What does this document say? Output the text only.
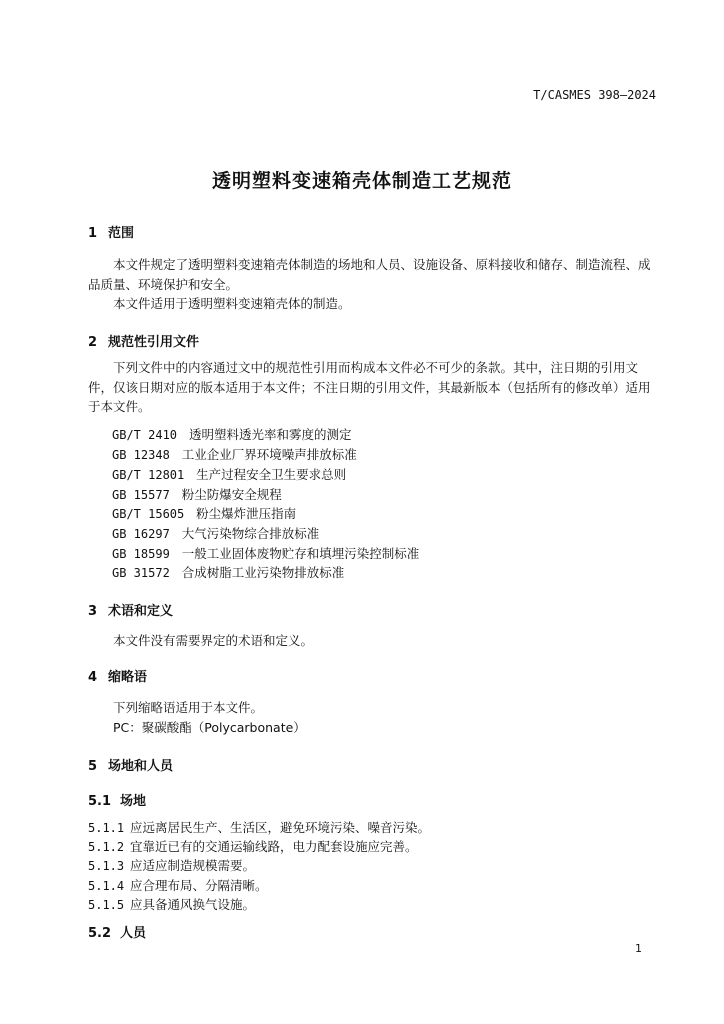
T/CASMES 398—2024
透明塑料变速箱壳体制造工艺规范
1 范围
本文件规定了透明塑料变速箱壳体制造的场地和人员、设施设备、原料接收和储存、制造流程、成品质量、环境保护和安全。
本文件适用于透明塑料变速箱壳体的制造。
2 规范性引用文件
下列文件中的内容通过文中的规范性引用而构成本文件必不可少的条款。其中，注日期的引用文件，仅该日期对应的版本适用于本文件；不注日期的引用文件，其最新版本（包括所有的修改单）适用于本文件。
GB/T 2410 透明塑料透光率和雾度的测定
GB 12348 工业企业厂界环境噪声排放标准
GB/T 12801 生产过程安全卫生要求总则
GB 15577 粉尘防爆安全规程
GB/T 15605 粉尘爆炸泄压指南
GB 16297 大气污染物综合排放标准
GB 18599 一般工业固体废物贮存和填埋污染控制标准
GB 31572 合成树脂工业污染物排放标准
3 术语和定义
本文件没有需要界定的术语和定义。
4 缩略语
下列缩略语适用于本文件。
PC：聚碳酸酯（Polycarbonate）
5 场地和人员
5.1 场地
5.1.1 应远离居民生产、生活区，避免环境污染、噪音污染。
5.1.2 宜靠近已有的交通运输线路，电力配套设施应完善。
5.1.3 应适应制造规模需要。
5.1.4 应合理布局、分隔清晰。
5.1.5 应具备通风换气设施。
5.2 人员
1
